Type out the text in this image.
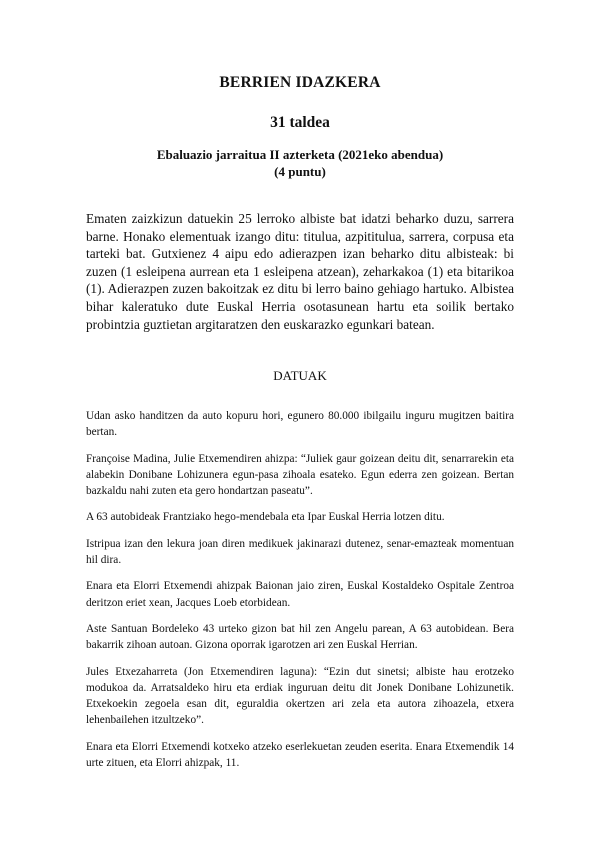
BERRIEN IDAZKERA
31 taldea
Ebaluazio jarraitua II azterketa (2021eko abendua)
(4 puntu)

Ematen zaizkizun datuekin 25 lerroko albiste bat idatzi beharko duzu, sarrera barne. Honako elementuak izango ditu: titulua, azpititulua, sarrera, corpusa eta tarteki bat. Gutxienez 4 aipu edo adierazpen izan beharko ditu albisteak: bi zuzen (1 esleipena aurrean eta 1 esleipena atzean), zeharkakoa (1) eta bitarikoa (1). Adierazpen zuzen bakoitzak ez ditu bi lerro baino gehiago hartuko. Albistea bihar kaleratuko dute Euskal Herria osotasunean hartu eta soilik bertako probintzia guztietan argitaratzen den euskarazko egunkari batean.

DATUAK
Udan asko handitzen da auto kopuru hori, egunero 80.000 ibilgailu inguru mugitzen baitira bertan.
Françoise Madina, Julie Etxemendiren ahizpa: “Juliek gaur goizean deitu dit, senarrarekin eta alabekin Donibane Lohizunera egun-pasa zihoala esateko. Egun ederra zen goizean. Bertan bazkaldu nahi zuten eta gero hondartzan paseatu”.
A 63 autobideak Frantziako hego-mendebala eta Ipar Euskal Herria lotzen ditu.
Istripua izan den lekura joan diren medikuek jakinarazi dutenez, senar-emazteak momentuan hil dira.
Enara eta Elorri Etxemendi ahizpak Baionan jaio ziren, Euskal Kostaldeko Ospitale Zentroa deritzon eriet xean, Jacques Loeb etorbidean.
Aste Santuan Bordeleko 43 urteko gizon bat hil zen Angelu parean, A 63 autobidean. Bera bakarrik zihoan autoan. Gizona oporrak igarotzen ari zen Euskal Herrian.
Jules Etxezaharreta (Jon Etxemendiren laguna): “Ezin dut sinetsi; albiste hau erotzeko modukoa da. Arratsaldeko hiru eta erdiak inguruan deitu dit Jonek Donibane Lohizunetik. Etxekoekin zegoela esan dit, eguraldia okertzen ari zela eta autora zihoazela, etxera lehenbailehen itzultzeko”.
Enara eta Elorri Etxemendi kotxeko atzeko eserlekuetan zeuden eserita. Enara Etxemendik 14 urte zituen, eta Elorri ahizpak, 11.
